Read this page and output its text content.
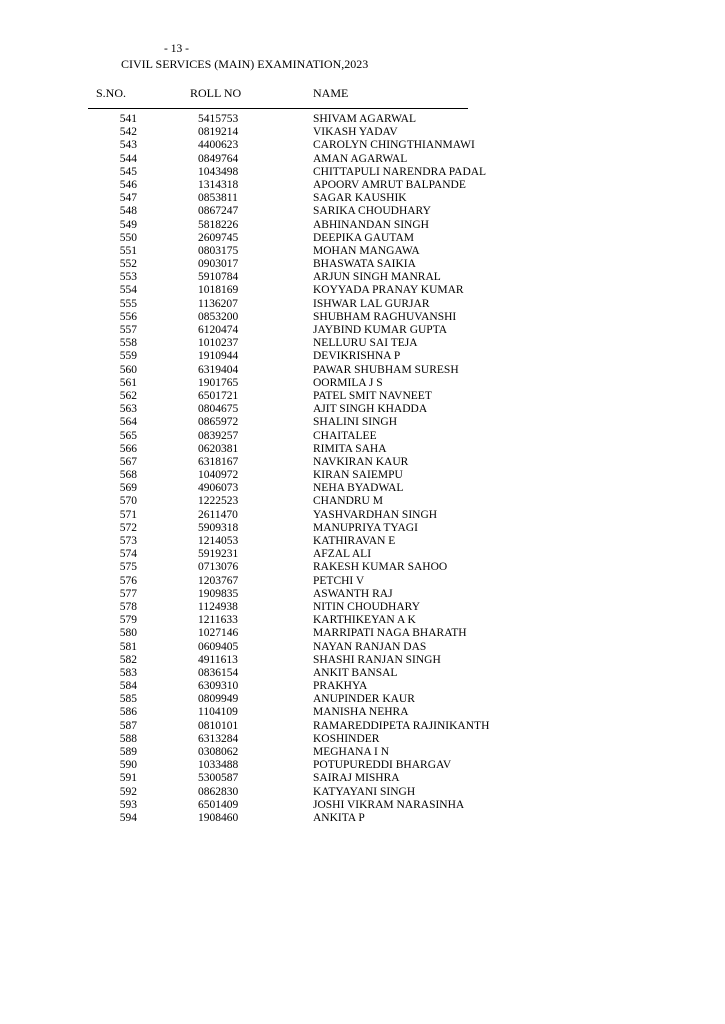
- 13 -
CIVIL SERVICES (MAIN) EXAMINATION,2023
S.NO.	ROLL NO	NAME
541	5415753	SHIVAM AGARWAL
542	0819214	VIKASH YADAV
543	4400623	CAROLYN CHINGTHIANMAWI
544	0849764	AMAN AGARWAL
545	1043498	CHITTAPULI NARENDRA PADAL
546	1314318	APOORV AMRUT BALPANDE
547	0853811	SAGAR KAUSHIK
548	0867247	SARIKA CHOUDHARY
549	5818226	ABHINANDAN SINGH
550	2609745	DEEPIKA GAUTAM
551	0803175	MOHAN MANGAWA
552	0903017	BHASWATA SAIKIA
553	5910784	ARJUN SINGH MANRAL
554	1018169	KOYYADA PRANAY KUMAR
555	1136207	ISHWAR LAL GURJAR
556	0853200	SHUBHAM RAGHUVANSHI
557	6120474	JAYBIND KUMAR GUPTA
558	1010237	NELLURU SAI TEJA
559	1910944	DEVIKRISHNA P
560	6319404	PAWAR SHUBHAM SURESH
561	1901765	OORMILA J S
562	6501721	PATEL SMIT NAVNEET
563	0804675	AJIT SINGH KHADDA
564	0865972	SHALINI SINGH
565	0839257	CHAITALEE
566	0620381	RIMITA SAHA
567	6318167	NAVKIRAN KAUR
568	1040972	KIRAN SAIEMPU
569	4906073	NEHA BYADWAL
570	1222523	CHANDRU M
571	2611470	YASHVARDHAN SINGH
572	5909318	MANUPRIYA TYAGI
573	1214053	KATHIRAVAN E
574	5919231	AFZAL ALI
575	0713076	RAKESH KUMAR SAHOO
576	1203767	PETCHI V
577	1909835	ASWANTH RAJ
578	1124938	NITIN CHOUDHARY
579	1211633	KARTHIKEYAN A K
580	1027146	MARRIPATI NAGA BHARATH
581	0609405	NAYAN RANJAN DAS
582	4911613	SHASHI RANJAN SINGH
583	0836154	ANKIT BANSAL
584	6309310	PRAKHYA
585	0809949	ANUPINDER KAUR
586	1104109	MANISHA NEHRA
587	0810101	RAMAREDDIPETA RAJINIKANTH
588	6313284	KOSHINDER
589	0308062	MEGHANA I N
590	1033488	POTUPUREDDI BHARGAV
591	5300587	SAIRAJ MISHRA
592	0862830	KATYAYANI SINGH
593	6501409	JOSHI VIKRAM NARASINHA
594	1908460	ANKITA P
